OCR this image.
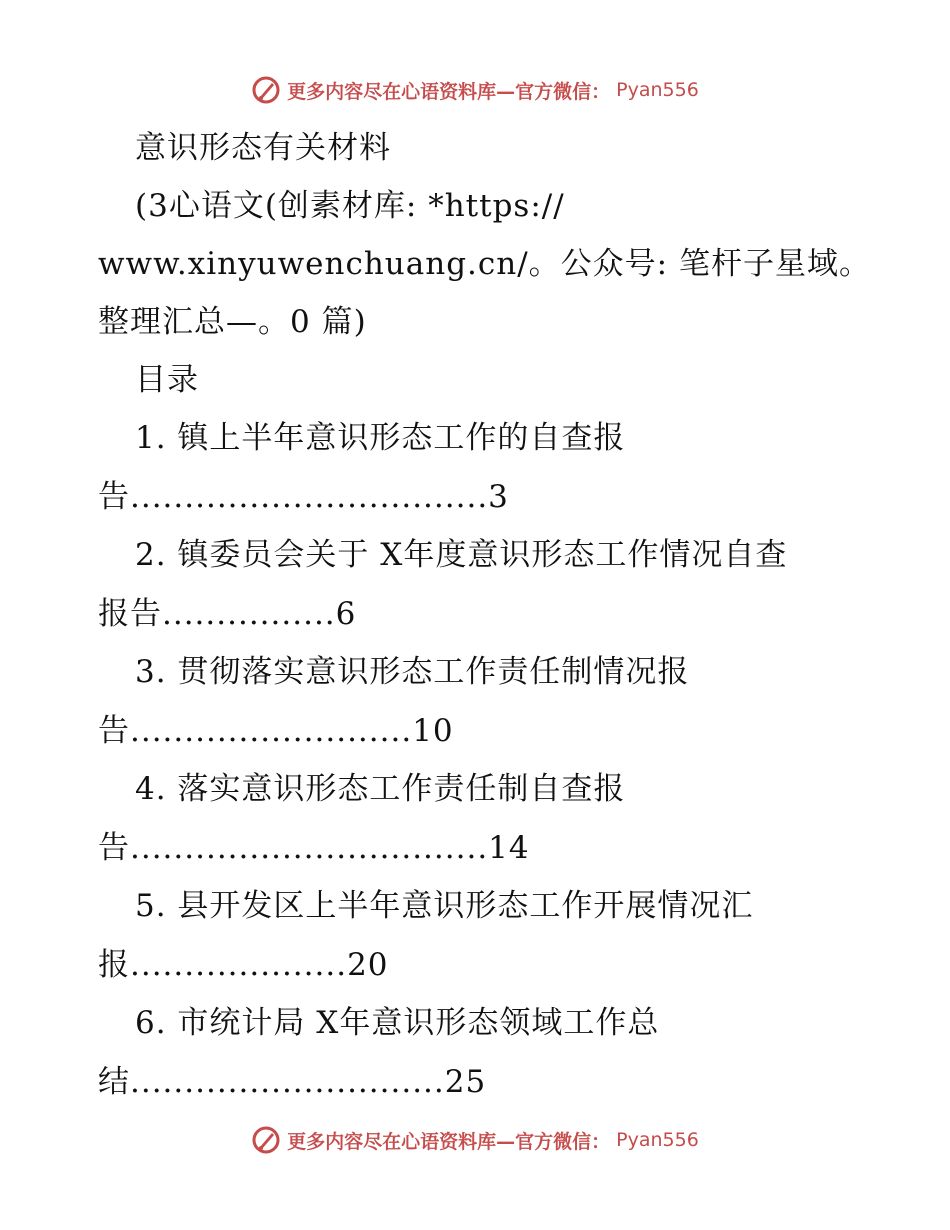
更多内容尽在心语资料库—官方微信： Pyan556
意识形态有关材料
(3心语文(创素材库: *https://
www.xinyuwenchuang.cn/。公众号: 笔杆子星域。
整理汇总—。0 篇)
目录
1. 镇上半年意识形态工作的自查报
告.................................3
2. 镇委员会关于 X年度意识形态工作情况自查
报告................6
3. 贯彻落实意识形态工作责任制情况报
告..........................10
4. 落实意识形态工作责任制自查报
告.................................14
5. 县开发区上半年意识形态工作开展情况汇
报....................20
6. 市统计局 X年意识形态领域工作总
结.............................25
更多内容尽在心语资料库—官方微信： Pyan556
